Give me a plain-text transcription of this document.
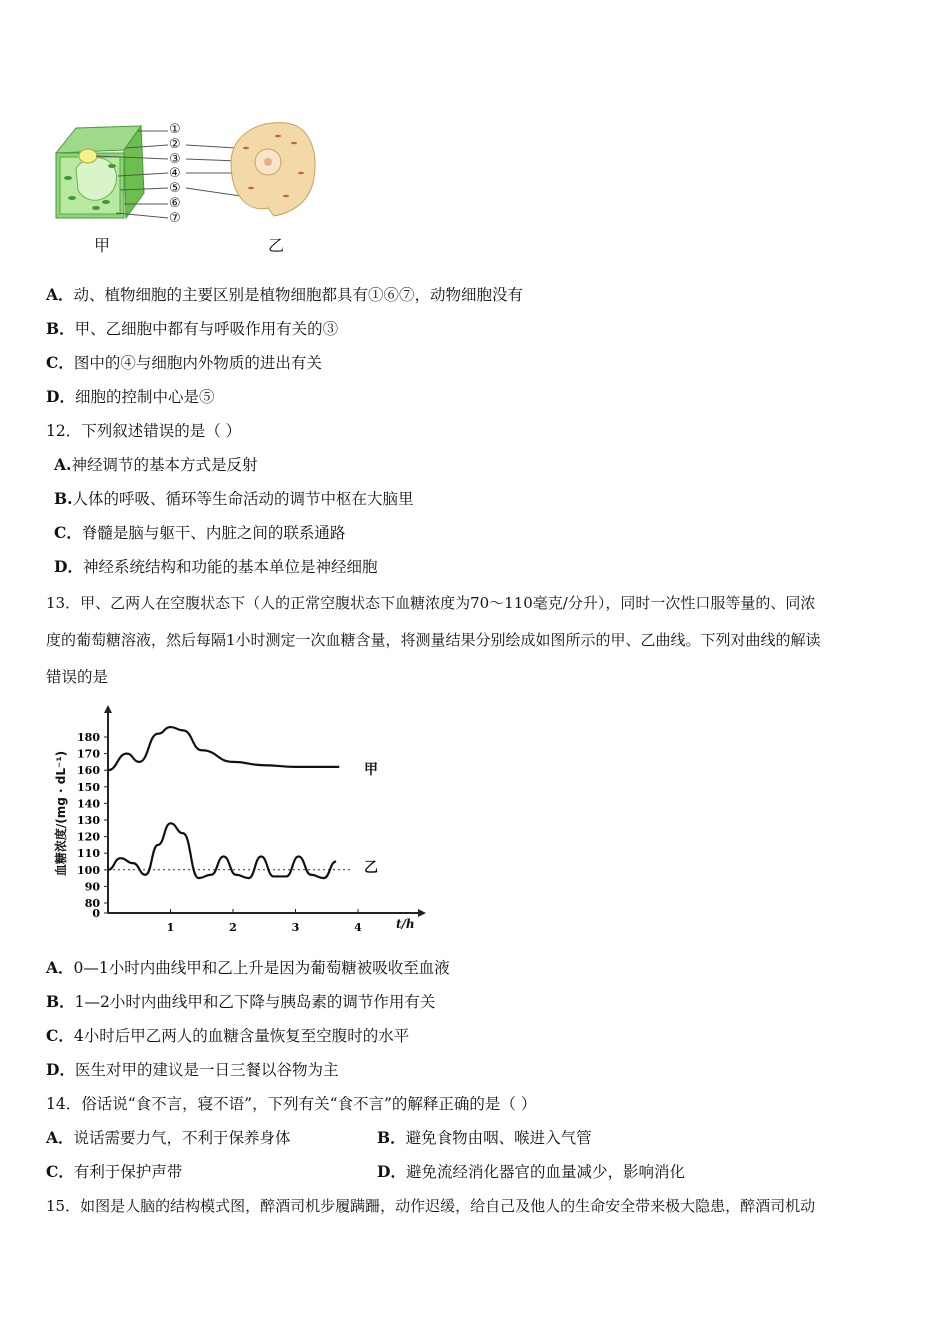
①
②
③
④
⑤
⑥
⑦
甲	乙
A．动、植物细胞的主要区别是植物细胞都具有①⑥⑦，动物细胞没有
B．甲、乙细胞中都有与呼吸作用有关的③
C．图中的④与细胞内外物质的进出有关
D．细胞的控制中心是⑤
12．下列叙述错误的是（ ）
A.神经调节的基本方式是反射
B.人体的呼吸、循环等生命活动的调节中枢在大脑里
C．脊髓是脑与躯干、内脏之间的联系通路
D．神经系统结构和功能的基本单位是神经细胞
13．甲、乙两人在空腹状态下（人的正常空腹状态下血糖浓度为70～110毫克/分升），同时一次性口服等量的、同浓
度的葡萄糖溶液，然后每隔1小时测定一次血糖含量，将测量结果分别绘成如图所示的甲、乙曲线。下列对曲线的解读
错误的是
0
80
90
100
110
120
130
140
150
160
170
180
1	2	3	4
血糖浓度/(mg · dL⁻¹)
t/h
甲
乙
A．0—1小时内曲线甲和乙上升是因为葡萄糖被吸收至血液
B．1—2小时内曲线甲和乙下降与胰岛素的调节作用有关
C．4小时后甲乙两人的血糖含量恢复至空腹时的水平
D．医生对甲的建议是一日三餐以谷物为主
14．俗话说“食不言，寝不语”，下列有关“食不言”的解释正确的是（ ）
A．说话需要力气，不利于保养身体	B．避免食物由咽、喉进入气管
C．有利于保护声带	D．避免流经消化器官的血量减少，影响消化
15．如图是人脑的结构模式图，醉酒司机步履蹒跚，动作迟缓，给自己及他人的生命安全带来极大隐患，醉酒司机动
